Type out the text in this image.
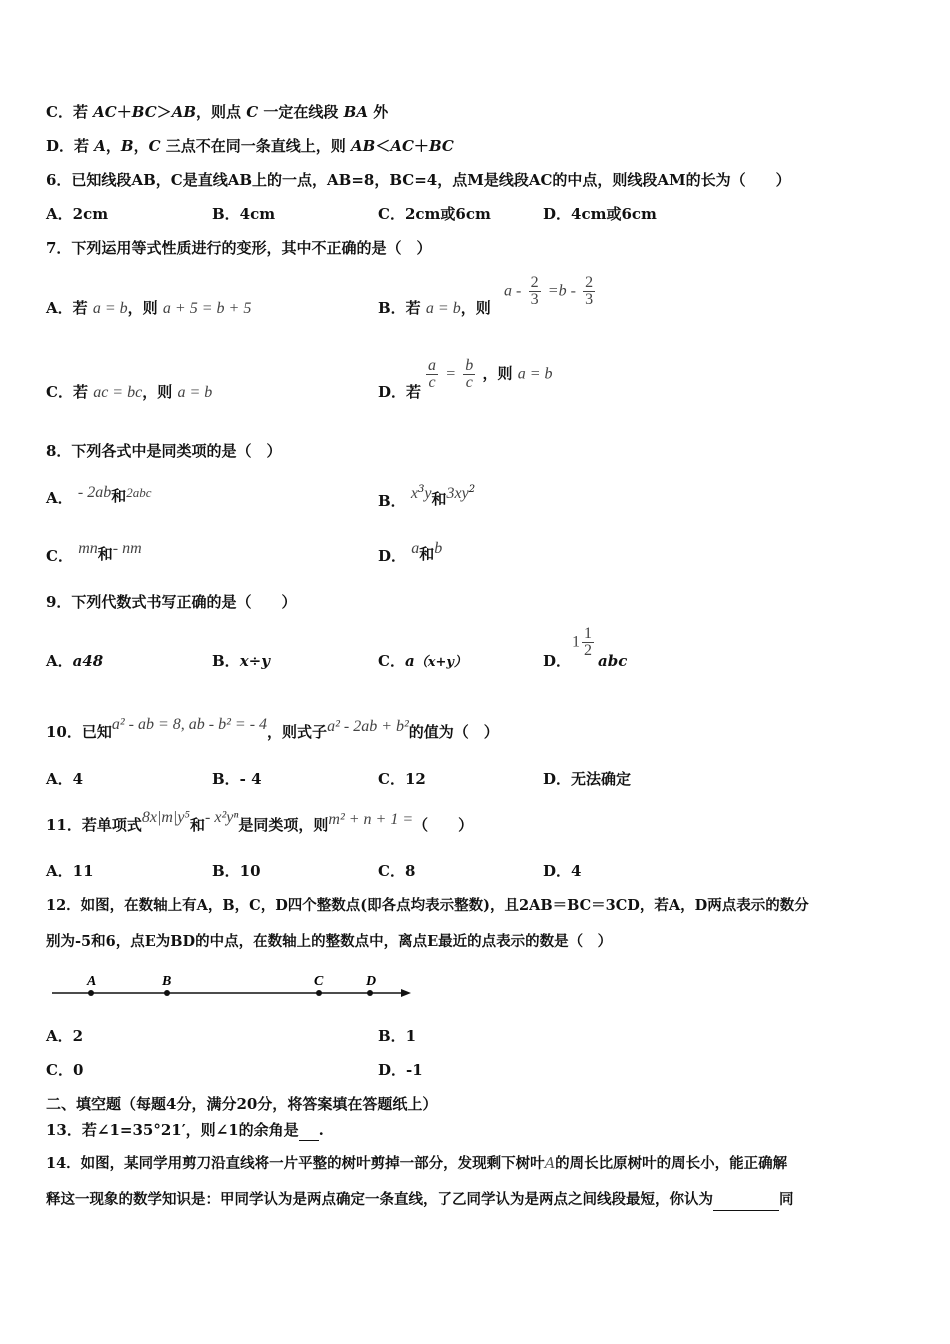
C．若 AC＋BC＞AB，则点 C 一定在线段 BA 外
D．若 A，B，C 三点不在同一条直线上，则 AB＜AC＋BC
6．已知线段AB，C是直线AB上的一点，AB=8，BC=4，点M是线段AC的中点，则线段AM的长为（　　）
A．2cm	B．4cm	C．2cm或6cm	D．4cm或6cm
7．下列运用等式性质进行的变形，其中不正确的是（　）
A．若 a = b，则 a + 5 = b + 5	B．若 a = b，则
$a - \frac{2}{3} =b - \frac{2}{3}$
C．若 ac = bc，则 a = b	D．若
$\frac{a}{c} = \frac{b}{c}$ ，则 a = b
8．下列各式中是同类项的是（　）
A． - 2ab和2abc	B． $x^3y$和$3xy^2$
C． mn和- nm	D． a和b
9．下列代数式书写正确的是（　　）
A．a48	B．x÷y	C．a（x+y）	D．
$1 \frac{1}{2}$
abc
10．已知a² - ab = 8, ab - b² = - 4，则式子a² - 2ab + b²的值为（　）
A．4	B．- 4	C．12	D．无法确定
11．若单项式8x|m|y⁵和- x²yⁿ是同类项，则m² + n + 1 =（　　）
A．11	B．10	C．8	D．4
12．如图，在数轴上有A，B，C，D四个整数点(即各点均表示整数)，且2AB＝BC＝3CD，若A，D两点表示的数分
别为-5和6，点E为BD的中点，在数轴上的整数点中，离点E最近的点表示的数是（　）
A	B	C	D
A．2	B．1
C．0	D．-1
二、填空题（每题4分，满分20分，将答案填在答题纸上）
13．若∠1=35°21′，则∠1的余角是 .
14．如图，某同学用剪刀沿直线将一片平整的树叶剪掉一部分，发现剩下树叶A的周长比原树叶的周长小，能正确解
释这一现象的数学知识是：甲同学认为是两点确定一条直线，了乙同学认为是两点之间线段最短，你认为	同
